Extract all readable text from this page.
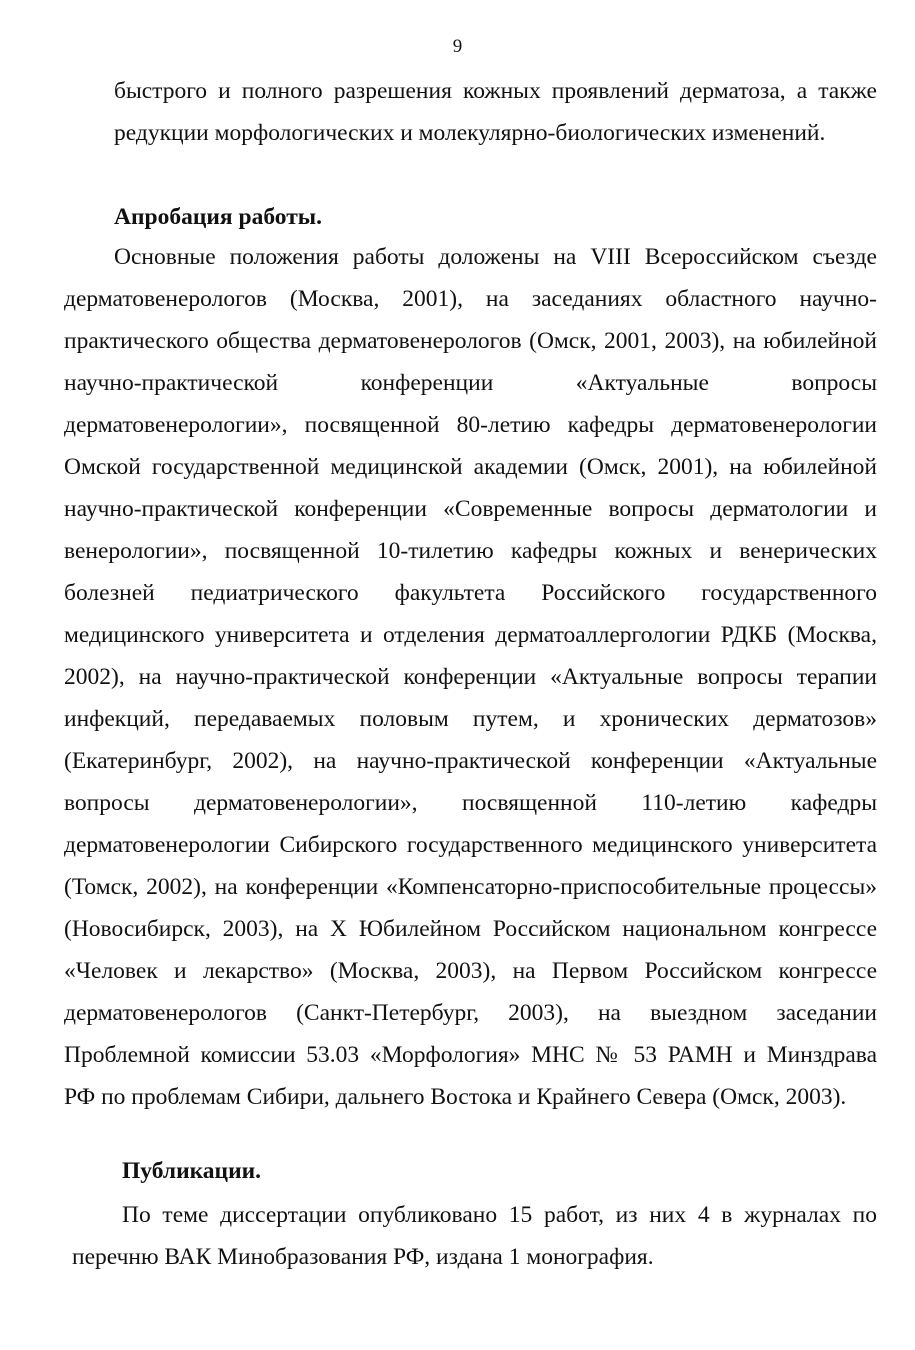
9
быстрого и полного разрешения кожных проявлений дерматоза, а также
редукции морфологических и молекулярно-биологических изменений.
Апробация работы.
Основные положения работы доложены на VIII Всероссийском съезде
дерматовенерологов (Москва, 2001), на заседаниях областного научно-
практического общества дерматовенерологов (Омск, 2001, 2003), на юбилейной
научно-практической конференции «Актуальные вопросы
дерматовенерологии», посвященной 80-летию кафедры дерматовенерологии
Омской государственной медицинской академии (Омск, 2001), на юбилейной
научно-практической конференции «Современные вопросы дерматологии и
венерологии», посвященной 10-тилетию кафедры кожных и венерических
болезней педиатрического факультета Российского государственного
медицинского университета и отделения дерматоаллергологии РДКБ (Москва,
2002), на научно-практической конференции «Актуальные вопросы терапии
инфекций, передаваемых половым путем, и хронических дерматозов»
(Екатеринбург, 2002), на научно-практической конференции «Актуальные
вопросы дерматовенерологии», посвященной 110-летию кафедры
дерматовенерологии Сибирского государственного медицинского университета
(Томск, 2002), на конференции «Компенсаторно-приспособительные процессы»
(Новосибирск, 2003), на X Юбилейном Российском национальном конгрессе
«Человек и лекарство» (Москва, 2003), на Первом Российском конгрессе
дерматовенерологов (Санкт-Петербург, 2003), на выездном заседании
Проблемной комиссии 53.03 «Морфология» МНС № 53 РАМН и Минздрава
РФ по проблемам Сибири, дальнего Востока и Крайнего Севера (Омск, 2003).
Публикации.
По теме диссертации опубликовано 15 работ, из них 4 в журналах по
перечню ВАК Минобразования РФ, издана 1 монография.
